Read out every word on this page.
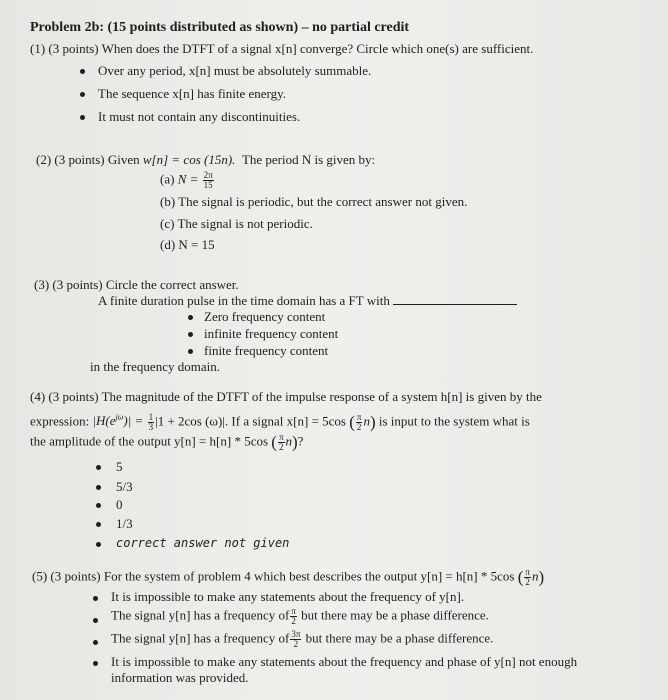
Problem 2b: (15 points distributed as shown) – no partial credit
(1) (3 points) When does the DTFT of a signal x[n] converge? Circle which one(s) are sufficient.
Over any period, x[n] must be absolutely summable.
The sequence x[n] has finite energy.
It must not contain any discontinuities.
(2) (3 points) Given w[n] = cos (15n). The period N is given by:
(a) $N = \frac{2\pi}{15}$
(b) The signal is periodic, but the correct answer not given.
(c) The signal is not periodic.
(d) N = 15
(3) (3 points) Circle the correct answer.
A finite duration pulse in the time domain has a FT with
Zero frequency content
infinite frequency content
finite frequency content
in the frequency domain.
(4) (3 points) The magnitude of the DTFT of the impulse response of a system h[n] is given by the
expression: $|H(e^{j\omega})| = \frac{1}{3} |1 + 2\cos$ (ω)|. If a signal x[n] = 5cos ( $\frac{\pi}{2} n$) is input to the system what is
the amplitude of the output y[n] = h[n] * 5cos ( $\frac{\pi}{2} n$)?
5
5/3
0
1/3
correct answer not given
(5) (3 points) For the system of problem 4 which best describes the output y[n] = h[n] * 5cos ( $\frac{\pi}{2} n$)
It is impossible to make any statements about the frequency of y[n].
The signal y[n] has a frequency of $\frac{\pi}{2}$ but there may be a phase difference.
The signal y[n] has a frequency of $\frac{3\pi}{2}$ but there may be a phase difference.
It is impossible to make any statements about the frequency and phase of y[n] not enough
information was provided.
